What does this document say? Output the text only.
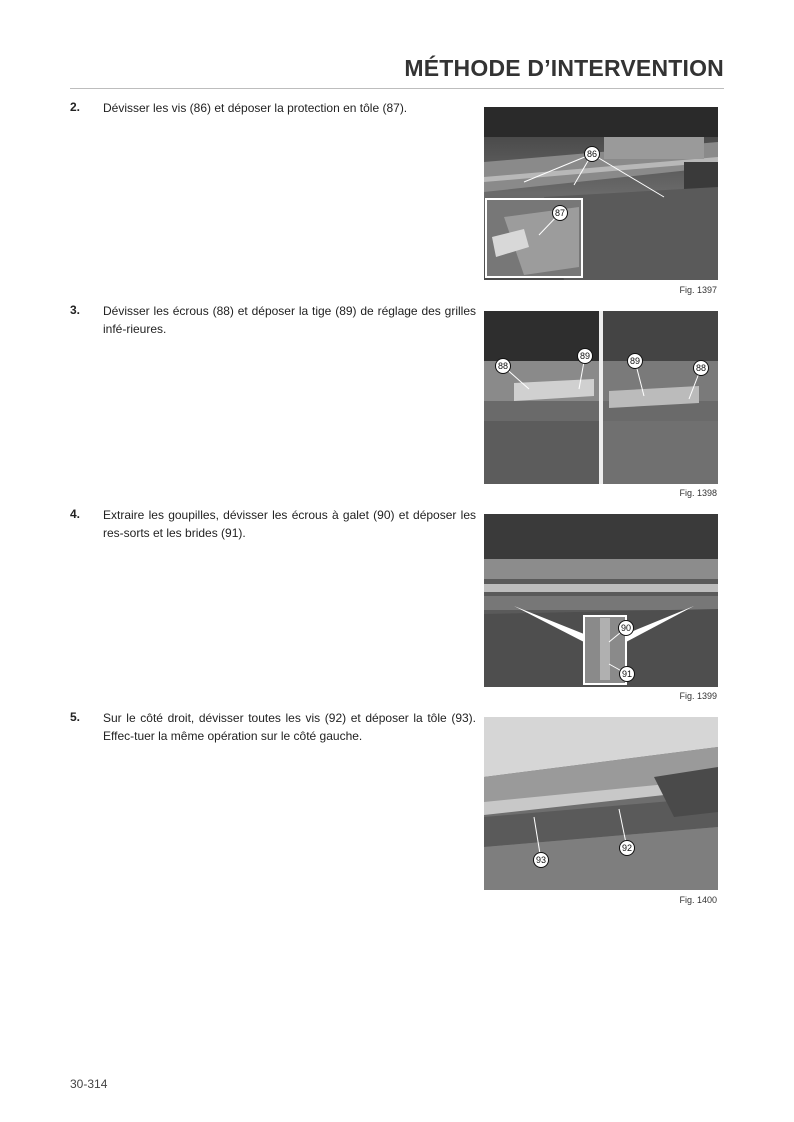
MÉTHODE D’INTERVENTION
2. Dévisser les vis (86) et déposer la protection en tôle (87).
86
87
Fig. 1397
3. Dévisser les écrous (88) et déposer la tige (89) de réglage des grilles infé-rieures.
88
89	89
88
Fig. 1398
4. Extraire les goupilles, dévisser les écrous à galet (90) et déposer les res-sorts et les brides (91).
90
91
Fig. 1399
5. Sur le côté droit, dévisser toutes les vis (92) et déposer la tôle (93). Effec-tuer la même opération sur le côté gauche.
93
92
Fig. 1400
30-314
